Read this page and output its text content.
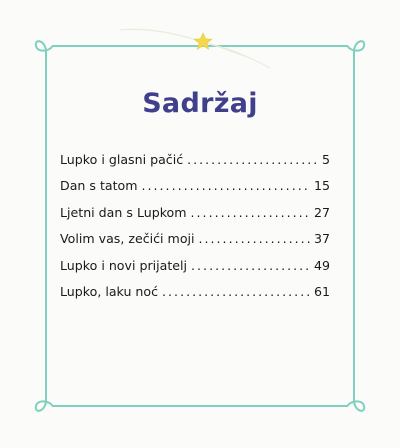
Sadržaj
Lupko i glasni pačić . . .	5
Dan s tatom . . .	15
Ljetni dan s Lupkom . . .	27
Volim vas, zečići moji . . .	37
Lupko i novi prijatelj . . .	49
Lupko, laku noć . . .	61
